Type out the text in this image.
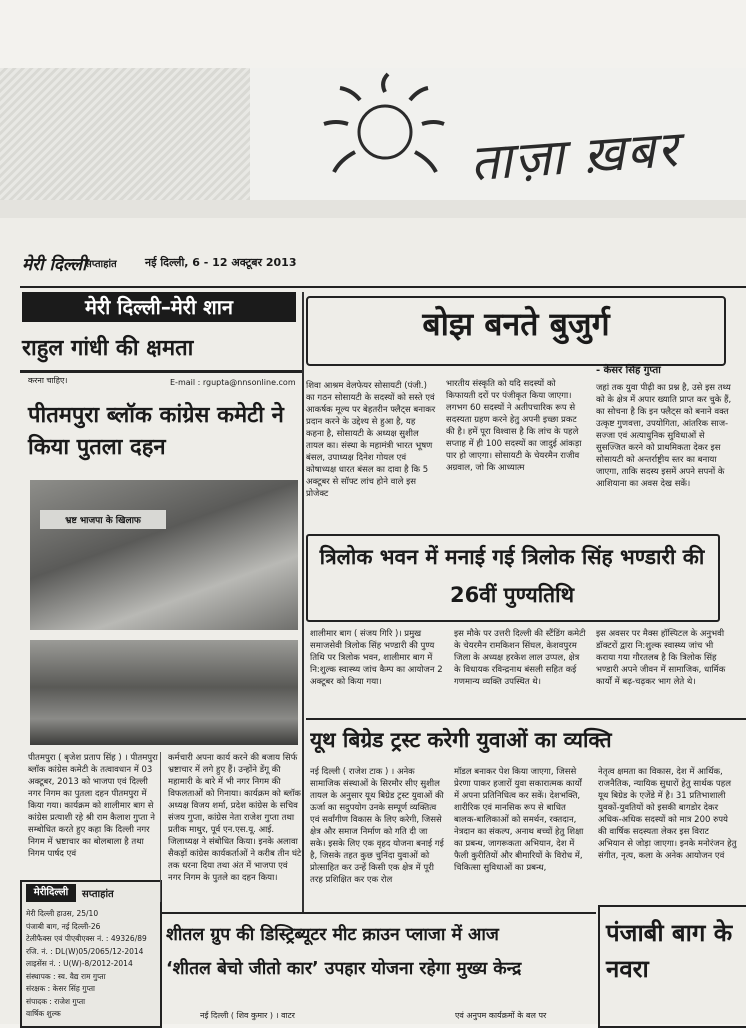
ताज़ा ख़बर
मेरी दिल्ली
सप्ताहांत	नई दिल्ली, 6 - 12 अक्टूबर 2013
मेरी दिल्ली–मेरी शान
राहुल गांधी की क्षमता
करना चाहिए।	E-mail : rgupta@nnsonline.com
बोझ बनते बुजुर्ग
- केसर सिंह गुप्ता
शिवा आश्रम वेलफेयर सोसायटी (पंजी.) का गठन सोसायटी के सदस्यों को सस्ते एवं आकर्षक मूल्य पर बेहतरीन फ्लैट्स बनाकर प्रदान करने के उद्देश्य से हुआ है, यह कहना है, सोसायटी के अध्यक्ष सुशील तायल का। संस्था के महामंत्री भारत भूषण बंसल, उपाध्यक्ष दिनेश गोयल एवं कोषाध्यक्ष धारत बंसल का दावा है कि 5 अक्टूबर से सॉफ्ट लांच होने वाले इस प्रोजेक्ट
भारतीय संस्कृति को यदि सदस्यों को किफायती दरों पर पंजीकृत किया जाएगा। लगभग 60 सदस्यों ने अतीपचारिक रूप से सदस्यता ग्रहण करने हेतु अपनी इच्छा प्रकट की है। हमें पूरा विश्वास है कि लांच के पहले सप्ताह में ही 100 सदस्यों का जादुई आंकड़ा पार हो जाएगा। सोसायटी के चेयरमैन राजीव अग्रवाल, जो कि आध्यात्म
जहां तक युवा पीढ़ी का प्रश्न है, उसे इस तथ्य को के क्षेत्र में अपार ख्याति प्राप्त कर चुके हैं, का सोचना है कि इन फ्लैट्स को बनाने वक्त उत्कृष्ट गुणवत्ता, उपयोगिता, आंतरिक साज-सज्जा एवं अत्याधुनिक सुविधाओं से सुसज्जित करने को प्राथमिकता देकर इस सोसायटी को अन्तर्राष्ट्रीय स्तर का बनाया जाएगा, ताकि सदस्य इसमें अपने सपनों के आशियाना का अवस देख सकें।
पीतमपुरा ब्लॉक कांग्रेस कमेटी ने किया पुतला दहन
भ्रष्ट भाजपा के खिलाफ
पीतमपुरा ( बृजेश प्रताप सिंह ) । पीतमपुरा ब्लॉक कांग्रेस कमेटी के तत्वावधान में 03 अक्टूबर, 2013 को भाजपा एवं दिल्ली नगर निगम का पुतला दहन पीतमपुरा में किया गया। कार्यक्रम को शालीमार बाग से कांग्रेस प्रत्याशी रहे श्री राम कैलाश गुप्ता ने सम्बोधित करते हुए कहा कि दिल्ली नगर निगम में भ्रष्टाचार का बोलबाला है तथा निगम पार्षद एवं
कर्मचारी अपना कार्य करने की बजाय सिर्फ भ्रष्टाचार में लगे हुए हैं। उन्होंने डेंगू की महामारी के बारे में भी नगर निगम की विफलताओं को गिनाया। कार्यक्रम को ब्लॉक अध्यक्ष विजय शर्मा, प्रदेश कांग्रेस के सचिव संजय गुप्ता, कांग्रेस नेता राजेश गुप्ता तथा प्रतीक माथुर, पूर्व एन.एस.यू. आई. जिलाध्यक्ष ने संबोधित किया। इनके अलावा सैकड़ों कांग्रेस कार्यकर्ताओं ने करीब तीन घंटे तक धरना दिया तथा अंत में भाजपा एवं नगर निगम के पुतले का दहन किया।
त्रिलोक भवन में मनाई गई त्रिलोक सिंह भण्डारी की 26वीं पुण्यतिथि
शालीमार बाग ( संजय गिरि )। प्रमुख समाजसेवी त्रिलोक सिंह भण्डारी की पुण्य तिथि पर त्रिलोक भवन, शालीमार बाग में नि:शुल्क स्वास्थ्य जांच कैम्प का आयोजन 2 अक्टूबर को किया गया।
इस मौके पर उत्तरी दिल्ली की स्टैंडिंग कमेटी के चेयरमैन रामकिशन सिंघल, केशवपुरम जिला के अध्यक्ष हरकेश लाल उप्पल, क्षेत्र के विधायक रविन्द्रनाथ बंसली सहित कई गणमान्य व्यक्ति उपस्थित थे।
इस अवसर पर मैक्स हॉस्पिटल के अनुभवी डॉक्टरों द्वारा नि:शुल्क स्वास्थ्य जांच भी कराया गया गौरतलब है कि त्रिलोक सिंह भण्डारी अपने जीवन में सामाजिक, धार्मिक कार्यों में बढ़-चढ़कर भाग लेते थे।
यूथ बिग्रेड ट्रस्ट करेगी युवाओं का व्यक्ति
नई दिल्ली ( राजेश टाक ) । अनेक सामाजिक संस्थाओं के सिरमौर सीए सुशील तायल के अनुसार यूथ बिग्रेड ट्रस्ट युवाओं की ऊर्जा का सदुपयोग उनके सम्पूर्ण व्यक्तित्व एवं सर्वांगीण विकास के लिए करेगी, जिससे क्षेत्र और समाज निर्माण को गति दी जा सके। इसके लिए एक वृहद योजना बनाई गई है, जिसके तहत कुछ चुनिंदा युवाओं को प्रोत्साहित कर उन्हें किसी एक क्षेत्र में पूरी तरह प्रशिक्षित कर एक रोल
मॉडल बनाकर पेश किया जाएगा, जिससे प्रेरणा पाकर हजारों युवा सकारात्मक कार्यों में अपना प्रतिनिधित्व कर सकें। देशभक्ति, शारीरिक एवं मानसिक रूप से बाधित बालक-बालिकाओं को समर्थन, रक्तदान, नेत्रदान का संकल्प, अनाथ बच्चों हेतु शिक्षा का प्रबन्ध, जागरूकता अभियान, देश में फैली कुरीतियों और बीमारियों के विरोध में, चिकित्सा सुविधाओं का प्रबन्ध,
नेतृत्व क्षमता का विकास, देश में आर्थिक, राजनैतिक, न्यायिक सुधारों हेतु सार्थक पहल यूथ बिग्रेड के एजेंडे में है। 31 प्रतिभाशाली युवकों-युवतियों को इसकी बागडोर देकर अधिक-अधिक सदस्यों को मात्र 200 रुपये की वार्षिक सदस्यता लेकर इस विराट अभियान से जोड़ा जाएगा। इनके मनोरंजन हेतु संगीत, नृत्य, कला के अनेक आयोजन एवं
मेरीदिल्ली	सप्ताहांत
मेरी दिल्ली हाउस, 25/10
पंजाबी बाग, नई दिल्ली-26
टेलीफैक्स एवं पीएबीएक्स नं. : 49326/89
रजि. नं. : DL(W)05/2065/12-2014
लाइसेंस नं. : U(W)-8/2012-2014
संस्थापक : स्व. वैद्य राम गुप्ता
संरक्षक : केसर सिंह गुप्ता
संपादक : राजेश गुप्ता
वार्षिक शुल्क
शीतल ग्रुप की डिस्ट्रिब्यूटर मीट क्राउन प्लाजा में आज
‘शीतल बेचो जीतो कार’ उपहार योजना रहेगा मुख्य केन्द्र
नई दिल्ली ( शिव कुमार ) । वाटर	एवं अनुपम कार्यक्रमों के बल पर
पंजाबी बाग के नवरा
